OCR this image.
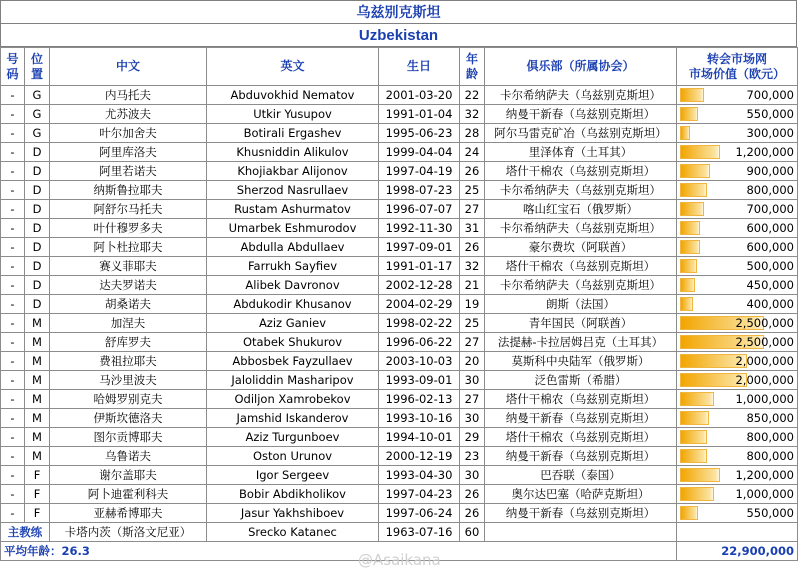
乌兹别克斯坦
Uzbekistan
号码	位置	中文	英文	生日	年龄	俱乐部（所属协会）	转会市场网
市场价值（欧元）

-	G	内马托夫	Abduvokhid Nematov	2001-03-20	22	卡尔希纳萨夫（乌兹别克斯坦）	700,000
-	G	尤苏波夫	Utkir Yusupov	1991-01-04	32	纳曼干新春（乌兹别克斯坦）	550,000
-	G	叶尔加舍夫	Botirali Ergashev	1995-06-23	28	阿尔马雷克矿冶（乌兹别克斯坦）	300,000
-	D	阿里库洛夫	Khusniddin Alikulov	1999-04-04	24	里泽体育（土耳其）	1,200,000
-	D	阿里若诺夫	Khojiakbar Alijonov	1997-04-19	26	塔什干棉农（乌兹别克斯坦）	900,000
-	D	纳斯鲁拉耶夫	Sherzod Nasrullaev	1998-07-23	25	卡尔希纳萨夫（乌兹别克斯坦）	800,000
-	D	阿舒尔马托夫	Rustam Ashurmatov	1996-07-07	27	喀山红宝石（俄罗斯）	700,000
-	D	叶什穆罗多夫	Umarbek Eshmurodov	1992-11-30	31	卡尔希纳萨夫（乌兹别克斯坦）	600,000
-	D	阿卜杜拉耶夫	Abdulla Abdullaev	1997-09-01	26	豪尔费坎（阿联酋）	600,000
-	D	赛义菲耶夫	Farrukh Sayfiev	1991-01-17	32	塔什干棉农（乌兹别克斯坦）	500,000
-	D	达夫罗诺夫	Alibek Davronov	2002-12-28	21	卡尔希纳萨夫（乌兹别克斯坦）	450,000
-	D	胡桑诺夫	Abdukodir Khusanov	2004-02-29	19	朗斯（法国）	400,000
-	M	加涅夫	Aziz Ganiev	1998-02-22	25	青年国民（阿联酋）	2,500,000
-	M	舒库罗夫	Otabek Shukurov	1996-06-22	27	法提赫-卡拉居姆吕克（土耳其）	2,500,000
-	M	费祖拉耶夫	Abbosbek Fayzullaev	2003-10-03	20	莫斯科中央陆军（俄罗斯）	2,000,000
-	M	马沙里波夫	Jaloliddin Masharipov	1993-09-01	30	泛色雷斯（希腊）	2,000,000
-	M	哈姆罗别克夫	Odiljon Xamrobekov	1996-02-13	27	塔什干棉农（乌兹别克斯坦）	1,000,000
-	M	伊斯坎德洛夫	Jamshid Iskanderov	1993-10-16	30	纳曼干新春（乌兹别克斯坦）	850,000
-	M	图尔贡博耶夫	Aziz Turgunboev	1994-10-01	29	塔什干棉农（乌兹别克斯坦）	800,000
-	M	乌鲁诺夫	Oston Urunov	2000-12-19	23	纳曼干新春（乌兹别克斯坦）	800,000
-	F	谢尔盖耶夫	Igor Sergeev	1993-04-30	30	巴吞联（泰国）	1,200,000
-	F	阿卜迪霍利科夫	Bobir Abdikholikov	1997-04-23	26	奥尔达巴塞（哈萨克斯坦）	1,000,000
-	F	亚赫希博耶夫	Jasur Yakhshiboev	1997-06-24	26	纳曼干新春（乌兹别克斯坦）	550,000
主教练		卡塔内茨（斯洛文尼亚）	Srecko Katanec	1963-07-16	60		
平均年龄：26.3							22,900,000
@Asaikana
